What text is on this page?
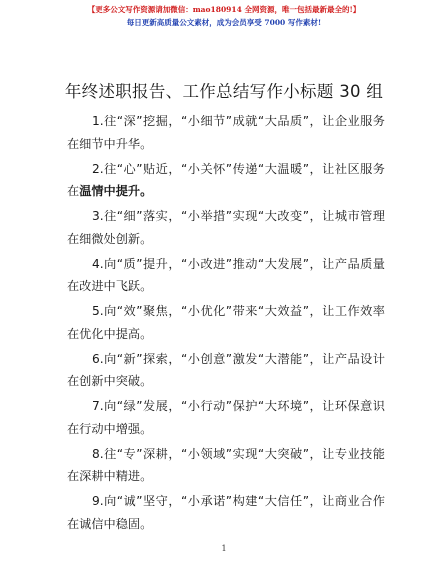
【更多公文写作资源请加微信：mao180914 全网资源，唯一包括最新最全的!】
每日更新高质量公文素材，成为会员享受 7000 写作素材!
年终述职报告、工作总结写作小标题 30 组
1.往“深”挖掘，“小细节”成就“大品质”，让企业服务在细节中升华。
2.往“心”贴近，“小关怀”传递“大温暖”，让社区服务在温情中提升。
3.往“细”落实，“小举措”实现“大改变”，让城市管理在细微处创新。
4.向“质”提升，“小改进”推动“大发展”，让产品质量在改进中飞跃。
5.向“效”聚焦，“小优化”带来“大效益”，让工作效率在优化中提高。
6.向“新”探索，“小创意”激发“大潜能”，让产品设计在创新中突破。
7.向“绿”发展，“小行动”保护“大环境”，让环保意识在行动中增强。
8.往“专”深耕，“小领域”实现“大突破”，让专业技能在深耕中精进。
9.向“诚”坚守，“小承诺”构建“大信任”，让商业合作在诚信中稳固。
1
